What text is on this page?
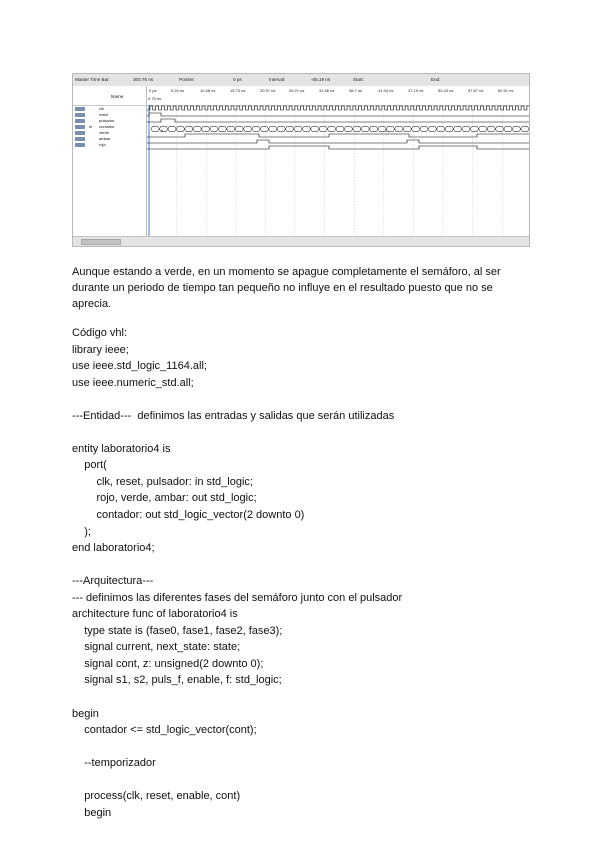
Master Time Bar:	300.75 ns	Pointer:	0 ps	Interval:	-65.19 ns	Start:	End:
Name
clk
reset
pulsador
el contador
verde
ambar
rojo
0 ps	5.24 ns	10.48 ns	15.73 ns	20.97 ns	26.21 ns	31.46 ns	36.7 ns	41.94 ns	47.19 ns	52.43 ns	57.67 ns	62.91 ns
0.75 ns
0	0

Aunque estando a verde, en un momento se apague completamente el semáforo, al ser durante un periodo de tiempo tan pequeño no influye en el resultado puesto que no se aprecia.

Código vhl:
library ieee;
use ieee.std_logic_1164.all;
use ieee.numeric_std.all;
---Entidad---  definimos las entradas y salidas que serán utilizadas
entity laboratorio4 is
port(
clk, reset, pulsador: in std_logic;
rojo, verde, ambar: out std_logic;
contador: out std_logic_vector(2 downto 0)
);
end laboratorio4;
---Arquitectura---
--- definimos las diferentes fases del semáforo junto con el pulsador
architecture func of laboratorio4 is
type state is (fase0, fase1, fase2, fase3);
signal current, next_state: state;
signal cont, z: unsigned(2 downto 0);
signal s1, s2, puls_f, enable, f: std_logic;
begin
contador <= std_logic_vector(cont);
--temporizador
process(clk, reset, enable, cont)
begin
